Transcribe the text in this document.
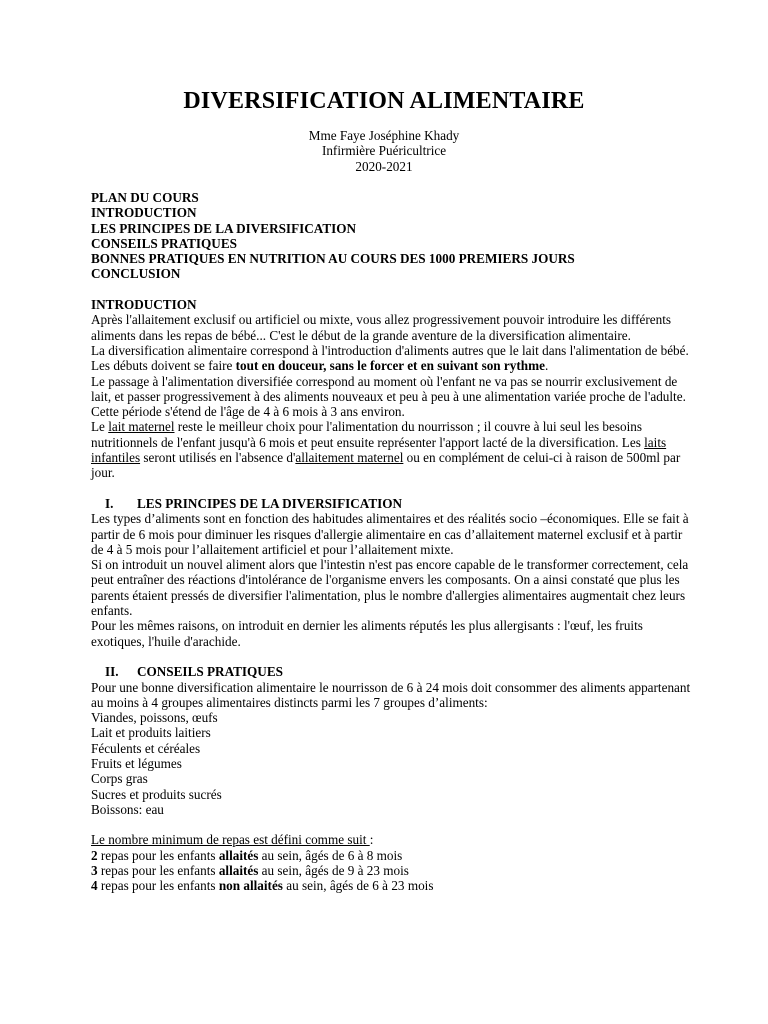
DIVERSIFICATION ALIMENTAIRE
Mme Faye Joséphine Khady
Infirmière Puéricultrice
2020-2021
PLAN DU COURS
INTRODUCTION
LES PRINCIPES DE LA DIVERSIFICATION
CONSEILS PRATIQUES
BONNES PRATIQUES EN NUTRITION AU COURS DES 1000 PREMIERS JOURS
CONCLUSION
INTRODUCTION
Après l'allaitement exclusif ou artificiel ou mixte, vous allez progressivement pouvoir introduire les différents aliments dans les repas de bébé... C'est le début de la grande aventure de la diversification alimentaire.
La diversification alimentaire correspond à l'introduction d'aliments autres que le lait dans l'alimentation de bébé. Les débuts doivent se faire tout en douceur, sans le forcer et en suivant son rythme.
Le passage à l'alimentation diversifiée correspond au moment où l'enfant ne va pas se nourrir exclusivement de lait, et passer progressivement à des aliments nouveaux et peu à peu à une alimentation variée proche de l'adulte. Cette période s'étend de l'âge de 4 à 6 mois à 3 ans environ.
Le lait maternel reste le meilleur choix pour l'alimentation du nourrisson ; il couvre à lui seul les besoins nutritionnels de l'enfant jusqu'à 6 mois et peut ensuite représenter l'apport lacté de la diversification. Les laits infantiles seront utilisés en l'absence d'allaitement maternel ou en complément de celui-ci à raison de 500ml par jour.
I. LES PRINCIPES DE LA DIVERSIFICATION
Les types d’aliments sont en fonction des habitudes alimentaires et des réalités socio –économiques. Elle se fait à partir de 6 mois pour diminuer les risques d'allergie alimentaire en cas d’allaitement maternel exclusif et à partir de 4 à 5 mois pour l’allaitement artificiel et pour l’allaitement mixte.
Si on introduit un nouvel aliment alors que l'intestin n'est pas encore capable de le transformer correctement, cela peut entraîner des réactions d'intolérance de l'organisme envers les composants. On a ainsi constaté que plus les parents étaient pressés de diversifier l'alimentation, plus le nombre d'allergies alimentaires augmentait chez leurs enfants.
Pour les mêmes raisons, on introduit en dernier les aliments réputés les plus allergisants : l'œuf, les fruits exotiques, l'huile d'arachide.
II. CONSEILS PRATIQUES
Pour une bonne diversification alimentaire le nourrisson de 6 à 24 mois doit consommer des aliments appartenant au moins à 4 groupes alimentaires distincts parmi les 7 groupes d’aliments:
Viandes, poissons, œufs
Lait et produits laitiers
Féculents et céréales
Fruits et légumes
Corps gras
Sucres et produits sucrés
Boissons: eau
Le nombre minimum de repas est défini comme suit :
2 repas pour les enfants allaités au sein, âgés de 6 à 8 mois
3 repas pour les enfants allaités au sein, âgés de 9 à 23 mois
4 repas pour les enfants non allaités au sein, âgés de 6 à 23 mois
